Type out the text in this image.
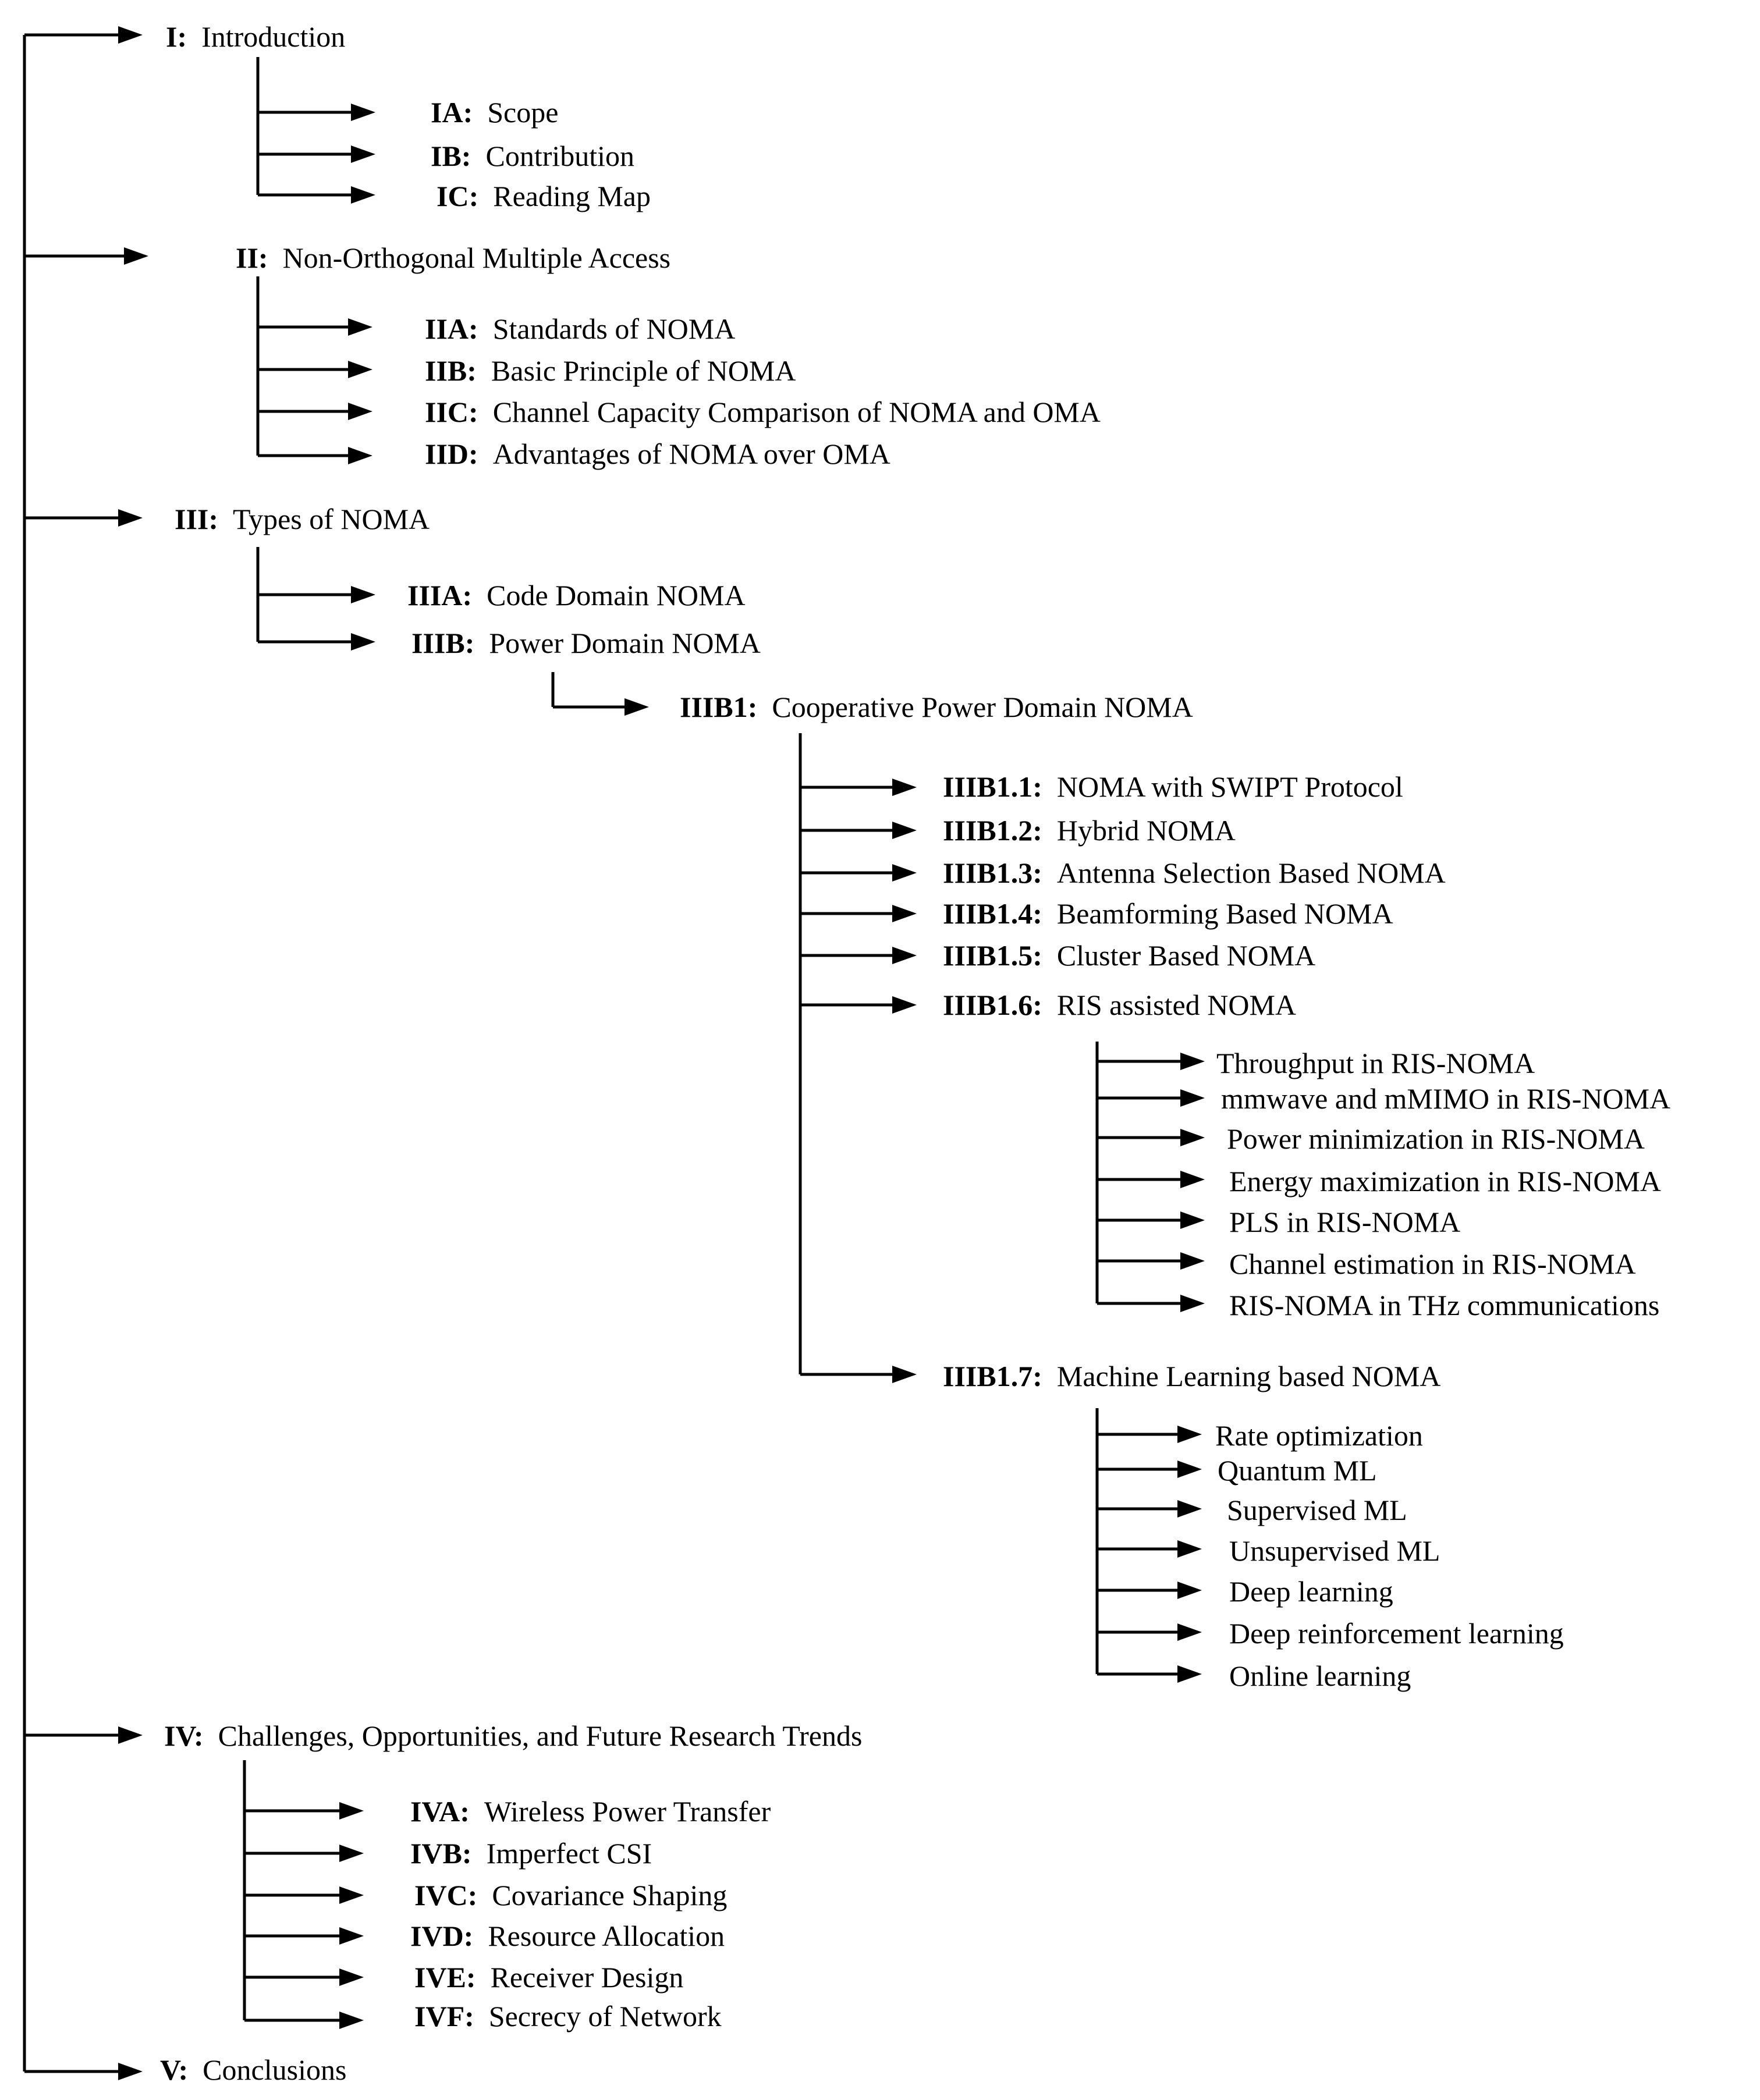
I: Introduction
IA: Scope
IB: Contribution
IC: Reading Map
II: Non-Orthogonal Multiple Access
IIA: Standards of NOMA
IIB: Basic Principle of NOMA
IIC: Channel Capacity Comparison of NOMA and OMA
IID: Advantages of NOMA over OMA
III: Types of NOMA
IIIA: Code Domain NOMA
IIIB: Power Domain NOMA
IIIB1: Cooperative Power Domain NOMA
IIIB1.1: NOMA with SWIPT Protocol
IIIB1.2: Hybrid NOMA
IIIB1.3: Antenna Selection Based NOMA
IIIB1.4: Beamforming Based NOMA
IIIB1.5: Cluster Based NOMA
IIIB1.6: RIS assisted NOMA
Throughput in RIS-NOMA
mmwave and mMIMO in RIS-NOMA
Power minimization in RIS-NOMA
Energy maximization in RIS-NOMA
PLS in RIS-NOMA
Channel estimation in RIS-NOMA
RIS-NOMA in THz communications
IIIB1.7: Machine Learning based NOMA
Rate optimization
Quantum ML
Supervised ML
Unsupervised ML
Deep learning
Deep reinforcement learning
Online learning
IV: Challenges, Opportunities, and Future Research Trends
IVA: Wireless Power Transfer
IVB: Imperfect CSI
IVC: Covariance Shaping
IVD: Resource Allocation
IVE: Receiver Design
IVF: Secrecy of Network
V: Conclusions
